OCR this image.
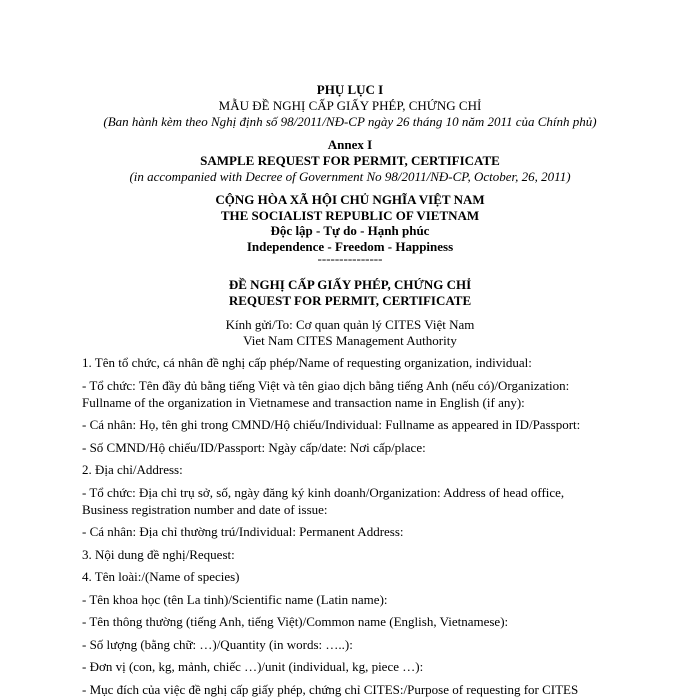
PHỤ LỤC I
MẪU ĐỀ NGHỊ CẤP GIẤY PHÉP, CHỨNG CHỈ
(Ban hành kèm theo Nghị định số 98/2011/NĐ-CP ngày 26 tháng 10 năm 2011 của Chính phủ)
Annex I
SAMPLE REQUEST FOR PERMIT, CERTIFICATE
(in accompanied with Decree of Government No 98/2011/NĐ-CP, October, 26, 2011)
CỘNG HÒA XÃ HỘI CHỦ NGHĨA VIỆT NAM
THE SOCIALIST REPUBLIC OF VIETNAM
Độc lập - Tự do - Hạnh phúc
Independence - Freedom - Happiness
---------------
ĐỀ NGHỊ CẤP GIẤY PHÉP, CHỨNG CHỈ
REQUEST FOR PERMIT, CERTIFICATE
Kính gửi/To: Cơ quan quản lý CITES Việt Nam
Viet Nam CITES Management Authority
1. Tên tổ chức, cá nhân đề nghị cấp phép/Name of requesting organization, individual:
- Tổ chức: Tên đầy đủ bằng tiếng Việt và tên giao dịch bằng tiếng Anh (nếu có)/Organization:
Fullname of the organization in Vietnamese and transaction name in English (if any):
- Cá nhân: Họ, tên ghi trong CMND/Hộ chiếu/Individual: Fullname as appeared in ID/Passport:
- Số CMND/Hộ chiếu/ID/Passport: Ngày cấp/date: Nơi cấp/place:
2. Địa chỉ/Address:
- Tổ chức: Địa chỉ trụ sở, số, ngày đăng ký kinh doanh/Organization: Address of head office,
Business registration number and date of issue:
- Cá nhân: Địa chỉ thường trú/Individual: Permanent Address:
3. Nội dung đề nghị/Request:
4. Tên loài:/(Name of species)
- Tên khoa học (tên La tinh)/Scientific name (Latin name):
- Tên thông thường (tiếng Anh, tiếng Việt)/Common name (English, Vietnamese):
- Số lượng (bằng chữ: …)/Quantity (in words: …..):
- Đơn vị (con, kg, mảnh, chiếc …)/unit (individual, kg, piece …):
- Mục đích của việc đề nghị cấp giấy phép, chứng chỉ CITES:/Purpose of requesting for CITES
